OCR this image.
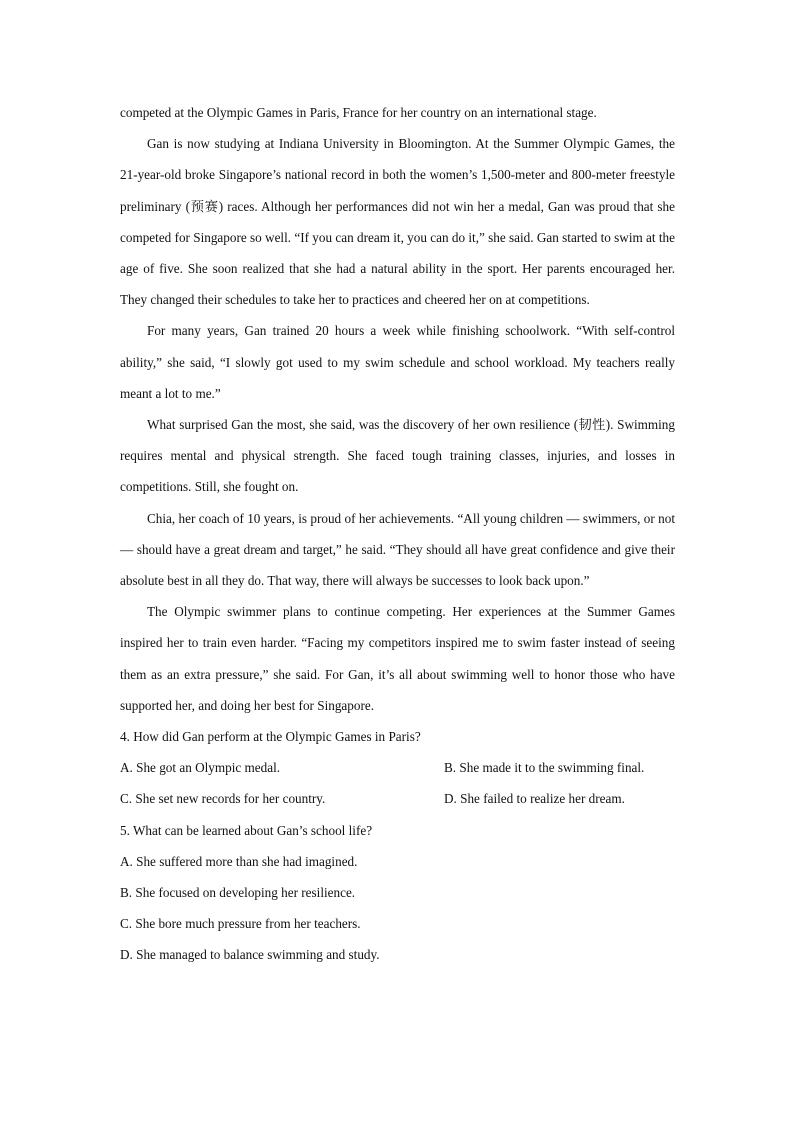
competed at the Olympic Games in Paris, France for her country on an international stage.

Gan is now studying at Indiana University in Bloomington. At the Summer Olympic Games, the 21-year-old broke Singapore’s national record in both the women’s 1,500-meter and 800-meter freestyle preliminary (预赛) races. Although her performances did not win her a medal, Gan was proud that she competed for Singapore so well. “If you can dream it, you can do it,” she said. Gan started to swim at the age of five. She soon realized that she had a natural ability in the sport. Her parents encouraged her. They changed their schedules to take her to practices and cheered her on at competitions.

For many years, Gan trained 20 hours a week while finishing schoolwork. “With self-control ability,” she said, “I slowly got used to my swim schedule and school workload. My teachers really meant a lot to me.”

What surprised Gan the most, she said, was the discovery of her own resilience (韧性). Swimming requires mental and physical strength. She faced tough training classes, injuries, and losses in competitions. Still, she fought on.

Chia, her coach of 10 years, is proud of her achievements. “All young children — swimmers, or not — should have a great dream and target,” he said. “They should all have great confidence and give their absolute best in all they do. That way, there will always be successes to look back upon.”

The Olympic swimmer plans to continue competing. Her experiences at the Summer Games inspired her to train even harder. “Facing my competitors inspired me to swim faster instead of seeing them as an extra pressure,” she said. For Gan, it’s all about swimming well to honor those who have supported her, and doing her best for Singapore.

4. How did Gan perform at the Olympic Games in Paris?

A. She got an Olympic medal.	B. She made it to the swimming final.
C. She set new records for her country.	D. She failed to realize her dream.

5. What can be learned about Gan’s school life?

A. She suffered more than she had imagined.

B. She focused on developing her resilience.

C. She bore much pressure from her teachers.

D. She managed to balance swimming and study.
